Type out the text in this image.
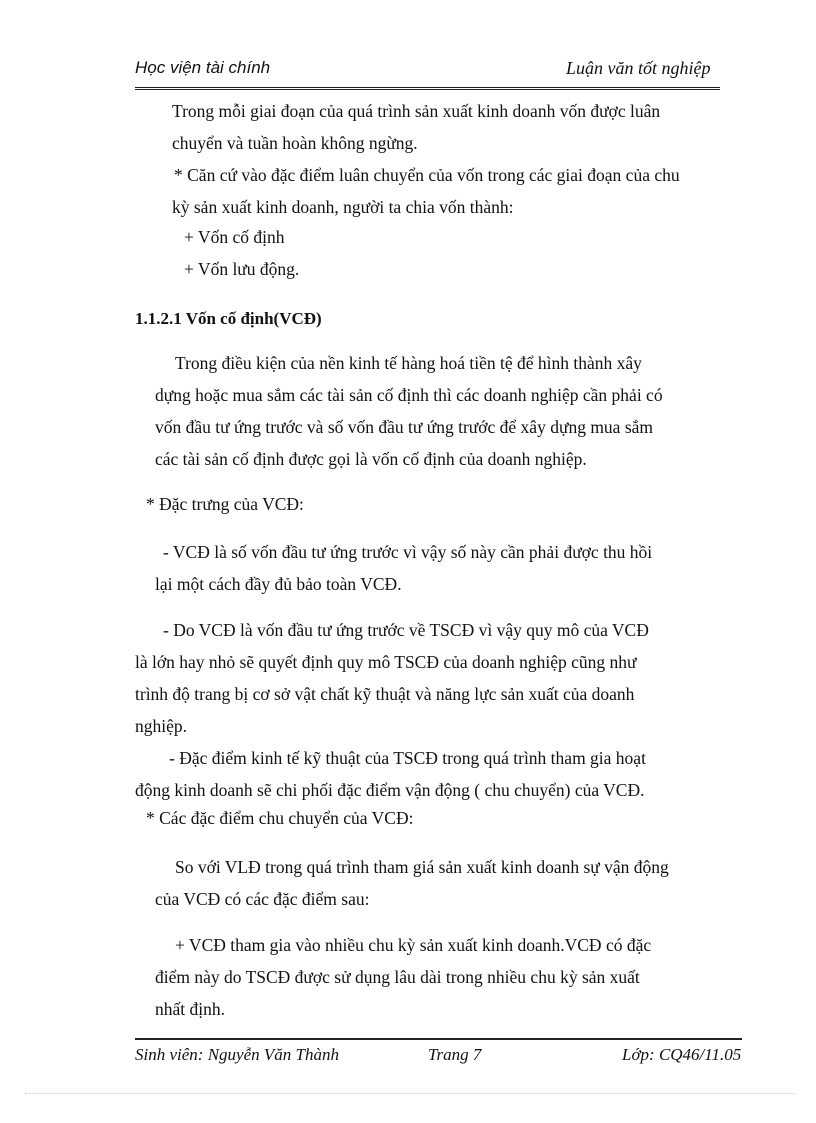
Học viện tài chính	Luận văn tốt nghiệp
Trong mỗi giai đoạn của quá trình sản xuất kinh doanh vốn được luân
chuyển và tuần hoàn không ngừng.
* Căn cứ vào đặc điểm luân chuyển của vốn trong các giai đoạn của chu
kỳ sản xuất kinh doanh, người ta chia vốn thành:
+ Vốn cố định
+ Vốn lưu động.
1.1.2.1 Vốn cố định(VCĐ)
Trong điều kiện của nền kinh tế hàng hoá tiền tệ để hình thành xây
dựng hoặc mua sắm các tài sản cố định thì các doanh nghiệp cần phải có
vốn đầu tư ứng trước và số vốn đầu tư ứng trước để xây dựng mua sắm
các tài sản cố định được gọi là vốn cố định của doanh nghiệp.
* Đặc trưng của VCĐ:
- VCĐ là số vốn đầu tư ứng trước vì vậy số này cần phải được thu hồi
lại một cách đầy đủ bảo toàn VCĐ.
- Do VCĐ là vốn đầu tư ứng trước về TSCĐ vì vậy quy mô của VCĐ
là lớn hay nhỏ sẽ quyết định quy mô TSCĐ của doanh nghiệp cũng như
trình độ trang bị cơ sở vật chất kỹ thuật và năng lực sản xuất của doanh
nghiệp.
- Đặc điểm kinh tế kỹ thuật của TSCĐ trong quá trình tham gia hoạt
động kinh doanh sẽ chi phối đặc điểm vận động ( chu chuyển) của VCĐ.
* Các đặc điểm chu chuyển của VCĐ:
So với VLĐ trong quá trình tham giá sản xuất kinh doanh sự vận động
của VCĐ có các đặc điểm sau:
+ VCĐ tham gia vào nhiều chu kỳ sản xuất kinh doanh.VCĐ có đặc
điểm này do TSCĐ được sử dụng lâu dài trong nhiều chu kỳ sản xuất
nhất định.
Sinh viên: Nguyễn Văn Thành	Trang 7	Lớp: CQ46/11.05
